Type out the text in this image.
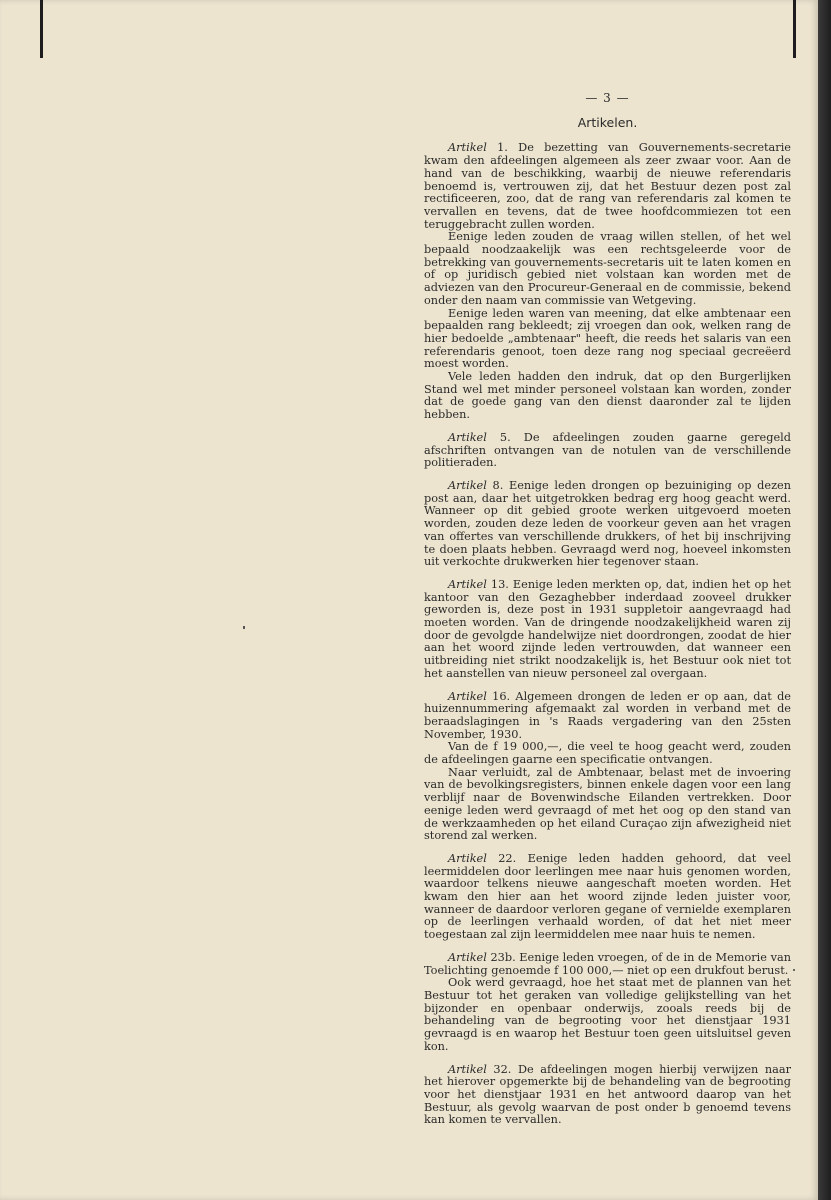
— 3 —
Artikelen.

Artikel 1. De bezetting van Gouvernements-secretarie kwam den afdeelingen algemeen als zeer zwaar voor. Aan de hand van de beschikking, waarbij de nieuwe referendaris benoemd is, vertrouwen zij, dat het Bestuur dezen post zal rectificeeren, zoo, dat de rang van referendaris zal komen te vervallen en tevens, dat de twee hoofdcommiezen tot een teruggebracht zullen worden.

Eenige leden zouden de vraag willen stellen, of het wel bepaald noodzaakelijk was een rechtsgeleerde voor de betrekking van gouvernements-secretaris uit te laten komen en of op juridisch gebied niet volstaan kan worden met de adviezen van den Procureur-Generaal en de commissie, bekend onder den naam van commissie van Wetgeving.

Eenige leden waren van meening, dat elke ambtenaar een bepaalden rang bekleedt; zij vroegen dan ook, welken rang de hier bedoelde „ambtenaar" heeft, die reeds het salaris van een referendaris genoot, toen deze rang nog speciaal gecreëerd moest worden.

Vele leden hadden den indruk, dat op den Burgerlijken Stand wel met minder personeel volstaan kan worden, zonder dat de goede gang van den dienst daaronder zal te lijden hebben.

Artikel 5. De afdeelingen zouden gaarne geregeld afschriften ontvangen van de notulen van de verschillende politieraden.

Artikel 8. Eenige leden drongen op bezuiniging op dezen post aan, daar het uitgetrokken bedrag erg hoog geacht werd. Wanneer op dit gebied groote werken uitgevoerd moeten worden, zouden deze leden de voorkeur geven aan het vragen van offertes van verschillende drukkers, of het bij inschrijving te doen plaats hebben. Gevraagd werd nog, hoeveel inkomsten uit verkochte drukwerken hier tegenover staan.

Artikel 13. Eenige leden merkten op, dat, indien het op het kantoor van den Gezaghebber inderdaad zooveel drukker geworden is, deze post in 1931 suppletoir aangevraagd had moeten worden. Van de dringende noodzakelijkheid waren zij door de gevolgde handelwijze niet doordrongen, zoodat de hier aan het woord zijnde leden vertrouwden, dat wanneer een uitbreiding niet strikt noodzakelijk is, het Bestuur ook niet tot het aanstellen van nieuw personeel zal overgaan.

Artikel 16. Algemeen drongen de leden er op aan, dat de huizennummering afgemaakt zal worden in verband met de beraadslagingen in 's Raads vergadering van den 25sten November, 1930.

Van de f 19 000,—, die veel te hoog geacht werd, zouden de afdeelingen gaarne een specificatie ontvangen.

Naar verluidt, zal de Ambtenaar, belast met de invoering van de bevolkingsregisters, binnen enkele dagen voor een lang verblijf naar de Bovenwindsche Eilanden vertrekken. Door eenige leden werd gevraagd of met het oog op den stand van de werkzaamheden op het eiland Curaçao zijn afwezigheid niet storend zal werken.

Artikel 22. Eenige leden hadden gehoord, dat veel leermiddelen door leerlingen mee naar huis genomen worden, waardoor telkens nieuwe aangeschaft moeten worden. Het kwam den hier aan het woord zijnde leden juister voor, wanneer de daardoor verloren gegane of vernielde exemplaren op de leerlingen verhaald worden, of dat het niet meer toegestaan zal zijn leermiddelen mee naar huis te nemen.

Artikel 23b. Eenige leden vroegen, of de in de Memorie van Toelichting genoemde f 100 000,— niet op een drukfout berust.

Ook werd gevraagd, hoe het staat met de plannen van het Bestuur tot het geraken van volledige gelijkstelling van het bijzonder en openbaar onderwijs, zooals reeds bij de behandeling van de begrooting voor het dienstjaar 1931 gevraagd is en waarop het Bestuur toen geen uitsluitsel geven kon.

Artikel 32. De afdeelingen mogen hierbij verwijzen naar het hierover opgemerkte bij de behandeling van de begrooting voor het dienstjaar 1931 en het antwoord daarop van het Bestuur, als gevolg waarvan de post onder b genoemd tevens kan komen te vervallen.
